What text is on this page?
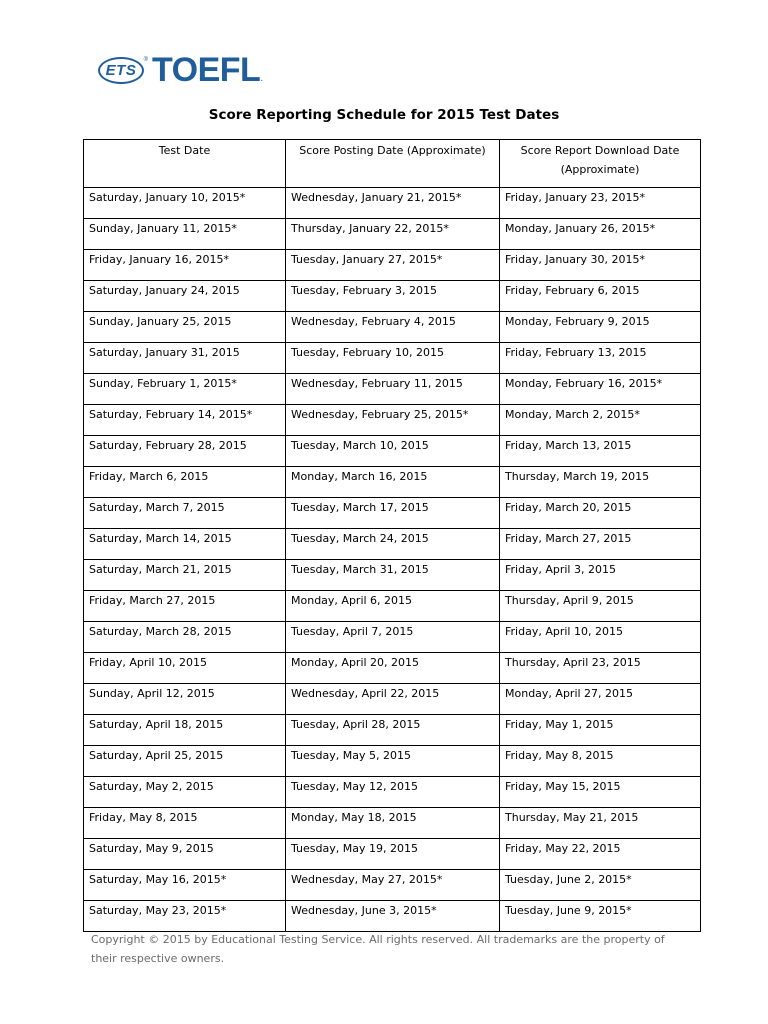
ETS
® TOEFL .
Score Reporting Schedule for 2015 Test Dates
Test Date	Score Posting Date (Approximate)	Score Report Download Date
(Approximate)
Saturday, January 10, 2015*	Wednesday, January 21, 2015*	Friday, January 23, 2015*
Sunday, January 11, 2015*	Thursday, January 22, 2015*	Monday, January 26, 2015*
Friday, January 16, 2015*	Tuesday, January 27, 2015*	Friday, January 30, 2015*
Saturday, January 24, 2015	Tuesday, February 3, 2015	Friday, February 6, 2015
Sunday, January 25, 2015	Wednesday, February 4, 2015	Monday, February 9, 2015
Saturday, January 31, 2015	Tuesday, February 10, 2015	Friday, February 13, 2015
Sunday, February 1, 2015*	Wednesday, February 11, 2015	Monday, February 16, 2015*
Saturday, February 14, 2015*	Wednesday, February 25, 2015*	Monday, March 2, 2015*
Saturday, February 28, 2015	Tuesday, March 10, 2015	Friday, March 13, 2015
Friday, March 6, 2015	Monday, March 16, 2015	Thursday, March 19, 2015
Saturday, March 7, 2015	Tuesday, March 17, 2015	Friday, March 20, 2015
Saturday, March 14, 2015	Tuesday, March 24, 2015	Friday, March 27, 2015
Saturday, March 21, 2015	Tuesday, March 31, 2015	Friday, April 3, 2015
Friday, March 27, 2015	Monday, April 6, 2015	Thursday, April 9, 2015
Saturday, March 28, 2015	Tuesday, April 7, 2015	Friday, April 10, 2015
Friday, April 10, 2015	Monday, April 20, 2015	Thursday, April 23, 2015
Sunday, April 12, 2015	Wednesday, April 22, 2015	Monday, April 27, 2015
Saturday, April 18, 2015	Tuesday, April 28, 2015	Friday, May 1, 2015
Saturday, April 25, 2015	Tuesday, May 5, 2015	Friday, May 8, 2015
Saturday, May 2, 2015	Tuesday, May 12, 2015	Friday, May 15, 2015
Friday, May 8, 2015	Monday, May 18, 2015	Thursday, May 21, 2015
Saturday, May 9, 2015	Tuesday, May 19, 2015	Friday, May 22, 2015
Saturday, May 16, 2015*	Wednesday, May 27, 2015*	Tuesday, June 2, 2015*
Saturday, May 23, 2015*	Wednesday, June 3, 2015*	Tuesday, June 9, 2015*
Copyright © 2015 by Educational Testing Service. All rights reserved. All trademarks are the property of their respective owners.
